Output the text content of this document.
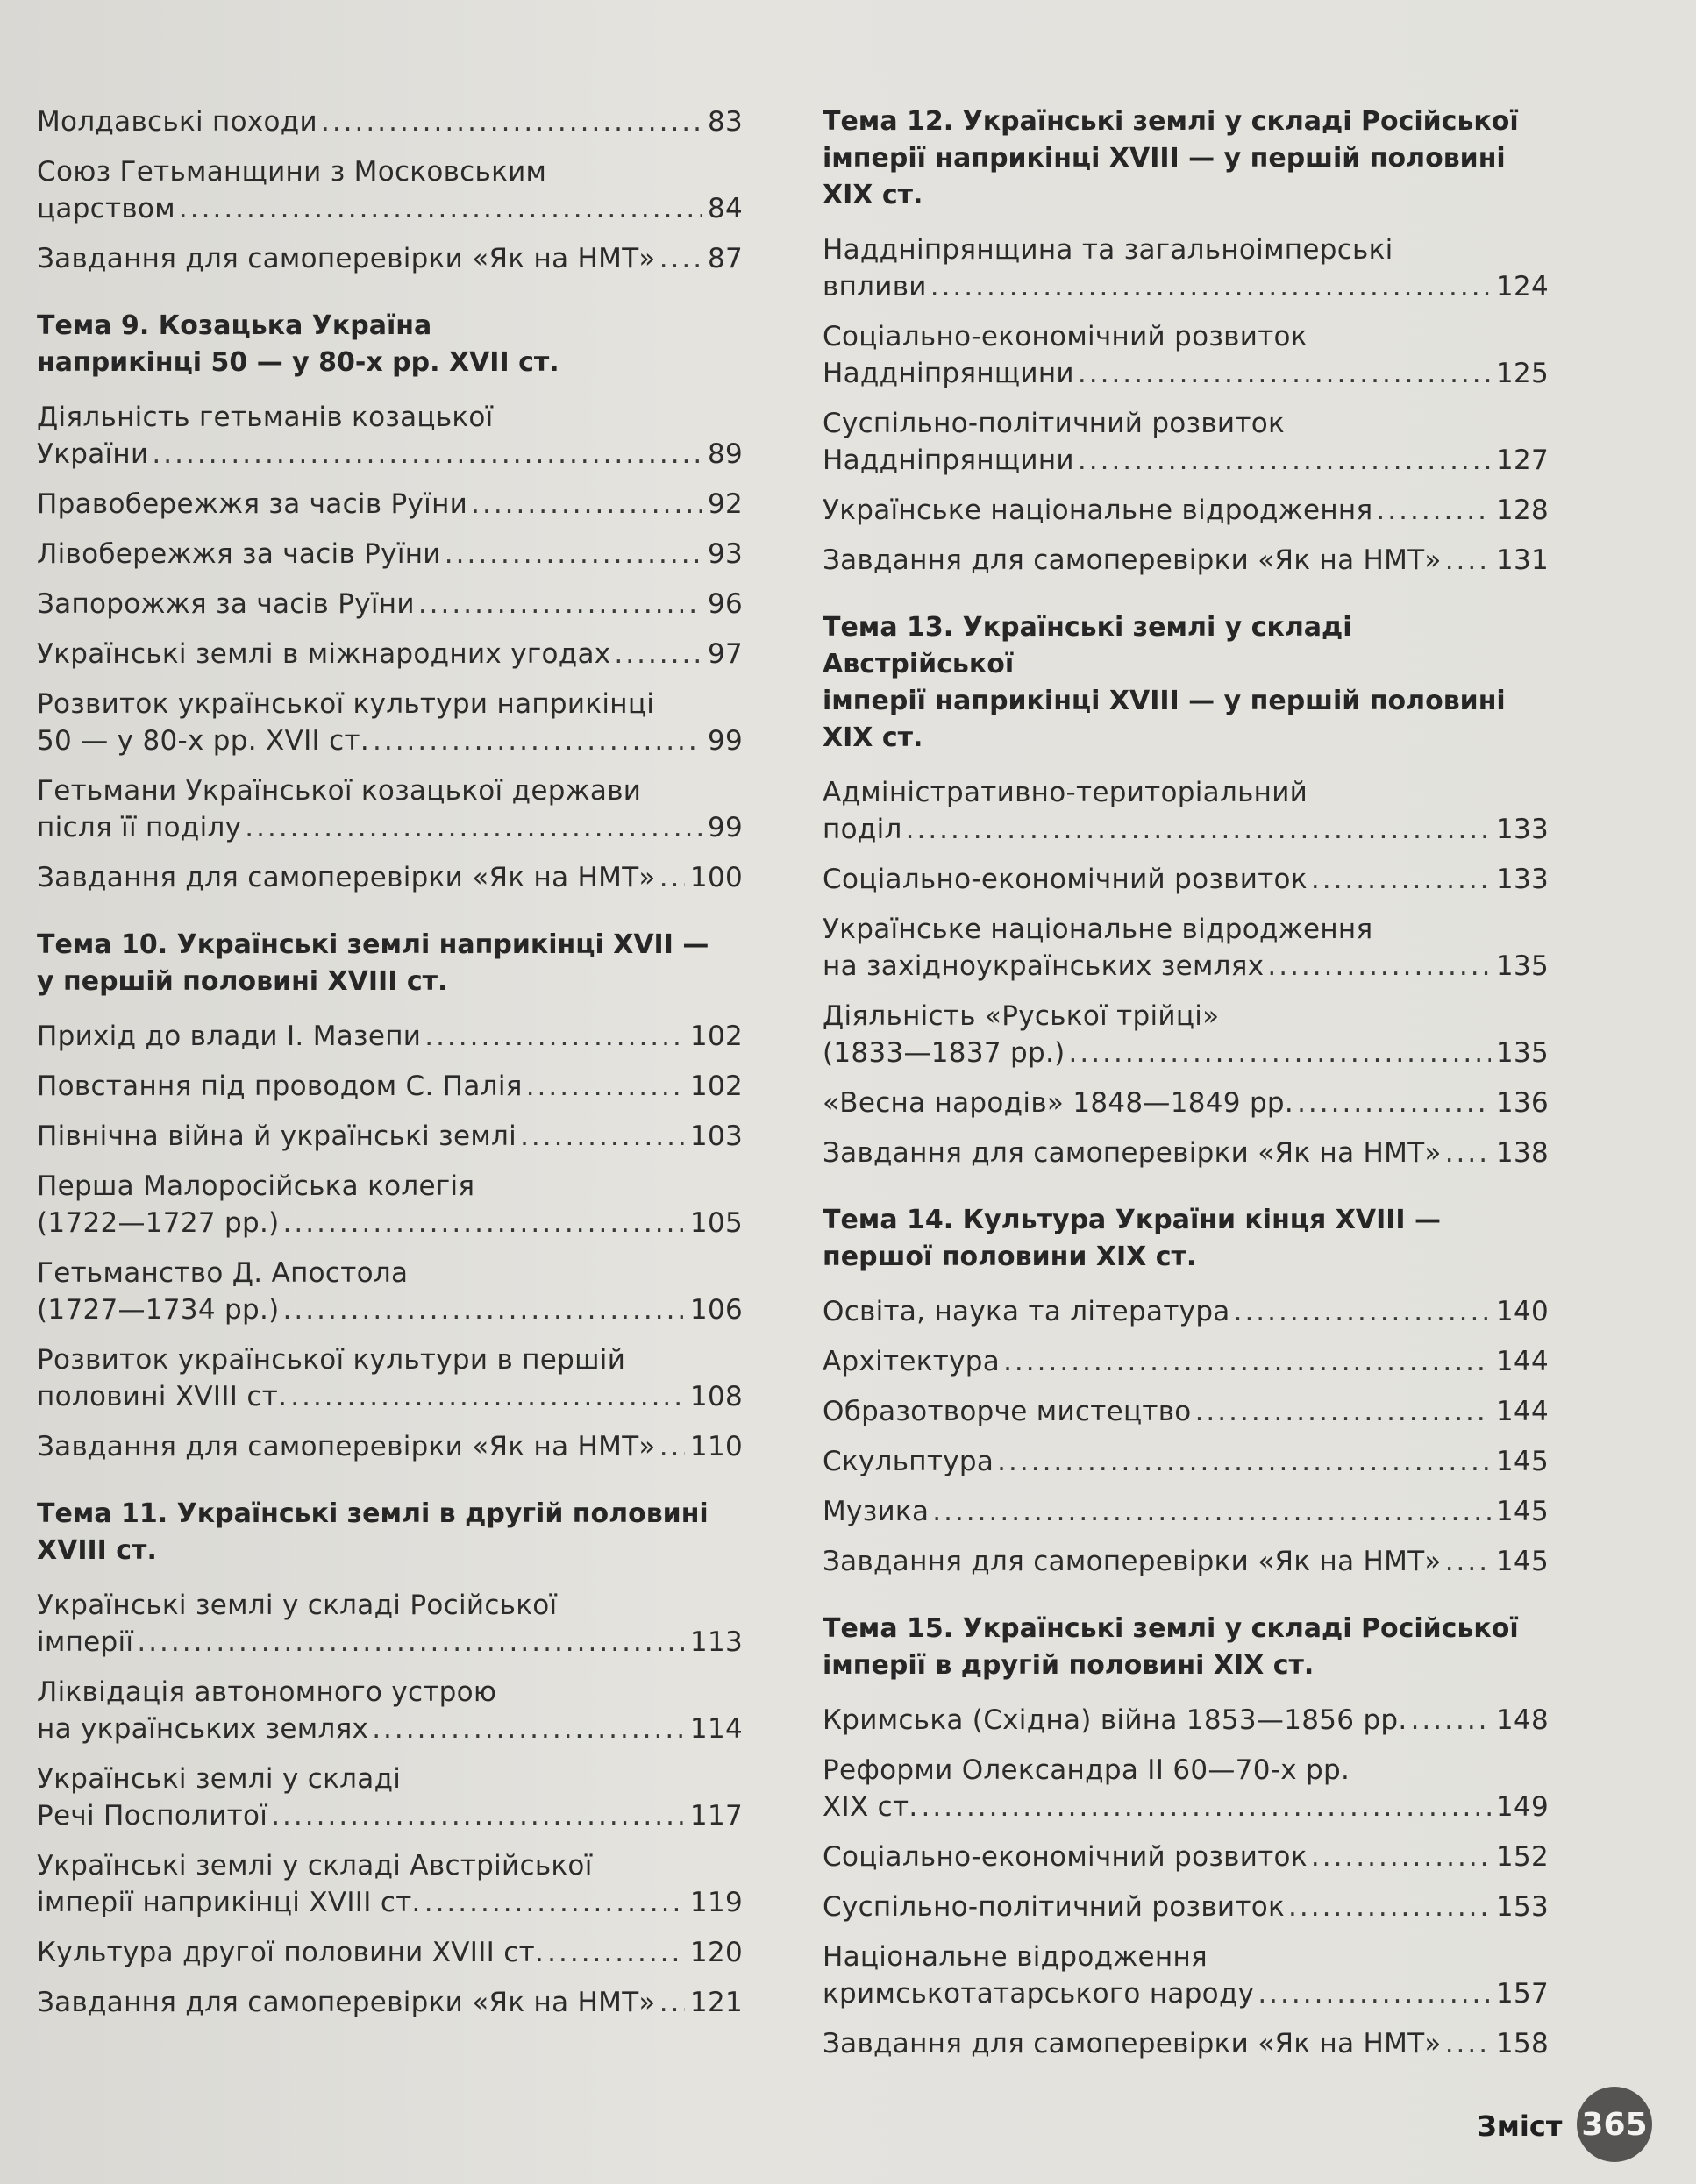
Молдавські походи .....	83
Союз Гетьманщини з Московським
царством .....	84
Завдання для самоперевірки «Як на НМТ» ..... 87
Тема 9. Козацька Україна
наприкінці 50 — у 80-х рр. XVII ст.
Діяльність гетьманів козацької
України .....	89
Правобережжя за часів Руїни .....	92
Лівобережжя за часів Руїни .....	93
Запорожжя за часів Руїни .....	96
Українські землі в міжнародних угодах .....	97
Розвиток української культури наприкінці
50 — у 80-х рр. XVII ст. .....	99
Гетьмани Української козацької держави
після її поділу .....	99
Завдання для самоперевірки «Як на НМТ» ..... 100
Тема 10. Українські землі наприкінці XVII —
у першій половині XVIII ст.
Прихід до влади І. Мазепи .....	102
Повстання під проводом С. Палія .....	102
Північна війна й українські землі .....	103
Перша Малоросійська колегія
(1722—1727 рр.) .....	105
Гетьманство Д. Апостола
(1727—1734 рр.) .....	106
Розвиток української культури в першій
половині XVIII ст. .....	108
Завдання для самоперевірки «Як на НМТ» ..... 110
Тема 11. Українські землі в другій половині
XVIII ст.
Українські землі у складі Російської
імперії .....	113
Ліквідація автономного устрою
на українських землях .....	114
Українські землі у складі
Речі Посполитої .....	117
Українські землі у складі Австрійської
імперії наприкінці XVIII ст. .....	119
Культура другої половини XVIII ст. .....	120
Завдання для самоперевірки «Як на НМТ» ..... 121
Тема 12. Українські землі у складі Російської
імперії наприкінці XVIII — у першій половині
XIX ст.
Наддніпрянщина та загальноімперські
впливи .....	124
Соціально-економічний розвиток
Наддніпрянщини .....	125
Суспільно-політичний розвиток
Наддніпрянщини .....	127
Українське національне відродження .....	128
Завдання для самоперевірки «Як на НМТ» ..... 131
Тема 13. Українські землі у складі Австрійської
імперії наприкінці XVIII — у першій половині
XIX ст.
Адміністративно-територіальний
поділ .....	133
Соціально-економічний розвиток .....	133
Українське національне відродження
на західноукраїнських землях .....	135
Діяльність «Руської трійці»
(1833—1837 рр.) .....	135
«Весна народів» 1848—1849 рр. .....	136
Завдання для самоперевірки «Як на НМТ» ..... 138
Тема 14. Культура України кінця XVIII —
першої половини XIX ст.
Освіта, наука та література .....	140
Архітектура .....	144
Образотворче мистецтво .....	144
Скульптура .....	145
Музика .....	145
Завдання для самоперевірки «Як на НМТ» ..... 145
Тема 15. Українські землі у складі Російської
імперії в другій половині XIX ст.
Кримська (Східна) війна 1853—1856 рр. .....	148
Реформи Олександра II 60—70-х рр.
XIX ст. .....	149
Соціально-економічний розвиток .....	152
Суспільно-політичний розвиток .....	153
Національне відродження
кримськотатарського народу .....	157
Завдання для самоперевірки «Як на НМТ» ..... 158
Зміст 365
